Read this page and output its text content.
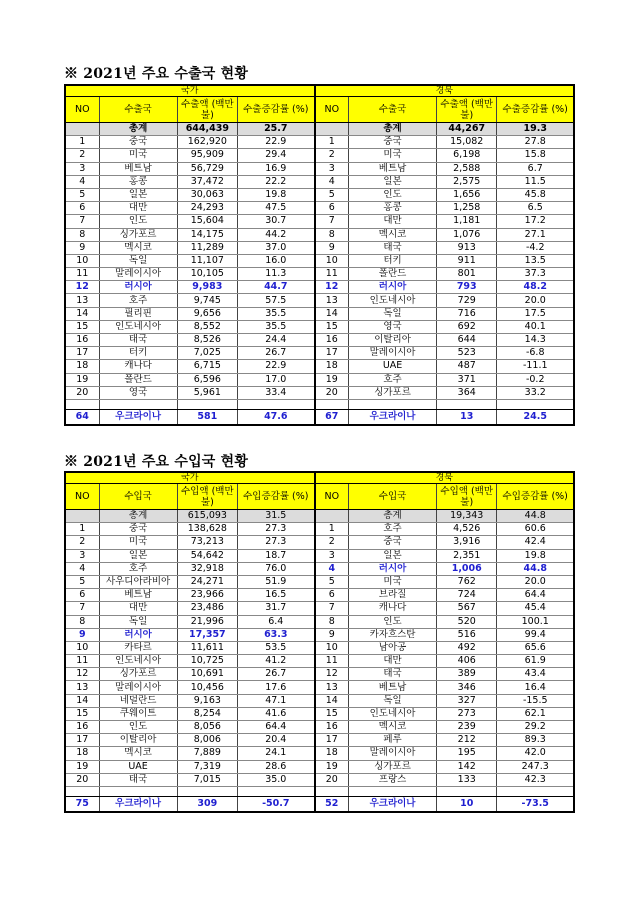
※ 2021년 주요 수출국 현황
국가				경북			
NO	수출국	수출액 (백만불)	수출증감률 (%)	NO	수출국	수출액 (백만불)	수출증감률 (%)
	총계	644,439	25.7		총계	44,267	19.3
1	중국	162,920	22.9	1	중국	15,082	27.8
2	미국	95,909	29.4	2	미국	6,198	15.8
3	베트남	56,729	16.9	3	베트남	2,588	6.7
4	홍콩	37,472	22.2	4	일본	2,575	11.5
5	일본	30,063	19.8	5	인도	1,656	45.8
6	대만	24,293	47.5	6	홍콩	1,258	6.5
7	인도	15,604	30.7	7	대만	1,181	17.2
8	싱가포르	14,175	44.2	8	멕시코	1,076	27.1
9	멕시코	11,289	37.0	9	태국	913	-4.2
10	독일	11,107	16.0	10	터키	911	13.5
11	말레이시아	10,105	11.3	11	폴란드	801	37.3
12	러시아	9,983	44.7	12	러시아	793	48.2
13	호주	9,745	57.5	13	인도네시아	729	20.0
14	필리핀	9,656	35.5	14	독일	716	17.5
15	인도네시아	8,552	35.5	15	영국	692	40.1
16	태국	8,526	24.4	16	이탈리아	644	14.3
17	터키	7,025	26.7	17	말레이시아	523	-6.8
18	캐나다	6,715	22.9	18	UAE	487	-11.1
19	폴란드	6,596	17.0	19	호주	371	-0.2
20	영국	5,961	33.4	20	싱가포르	364	33.2

64	우크라이나	581	47.6	67	우크라이나	13	24.5
※ 2021년 주요 수입국 현황
국가				경북			
NO	수입국	수입액 (백만불)	수입증감률 (%)	NO	수입국	수입액 (백만불)	수입증감률 (%)
	총계	615,093	31.5		총계	19,343	44.8
1	중국	138,628	27.3	1	호주	4,526	60.6
2	미국	73,213	27.3	2	중국	3,916	42.4
3	일본	54,642	18.7	3	일본	2,351	19.8
4	호주	32,918	76.0	4	러시아	1,006	44.8
5	사우디아라비아	24,271	51.9	5	미국	762	20.0
6	베트남	23,966	16.5	6	브라질	724	64.4
7	대만	23,486	31.7	7	캐나다	567	45.4
8	독일	21,996	6.4	8	인도	520	100.1
9	러시아	17,357	63.3	9	카자흐스탄	516	99.4
10	카타르	11,611	53.5	10	남아공	492	65.6
11	인도네시아	10,725	41.2	11	대만	406	61.9
12	싱가포르	10,691	26.7	12	태국	389	43.4
13	말레이시아	10,456	17.6	13	베트남	346	16.4
14	네덜란드	9,163	47.1	14	독일	327	-15.5
15	쿠웨이트	8,254	41.6	15	인도네시아	273	62.1
16	인도	8,056	64.4	16	멕시코	239	29.2
17	이탈리아	8,006	20.4	17	페루	212	89.3
18	멕시코	7,889	24.1	18	말레이시아	195	42.0
19	UAE	7,319	28.6	19	싱가포르	142	247.3
20	태국	7,015	35.0	20	프랑스	133	42.3

75	우크라이나	309	-50.7	52	우크라이나	10	-73.5
